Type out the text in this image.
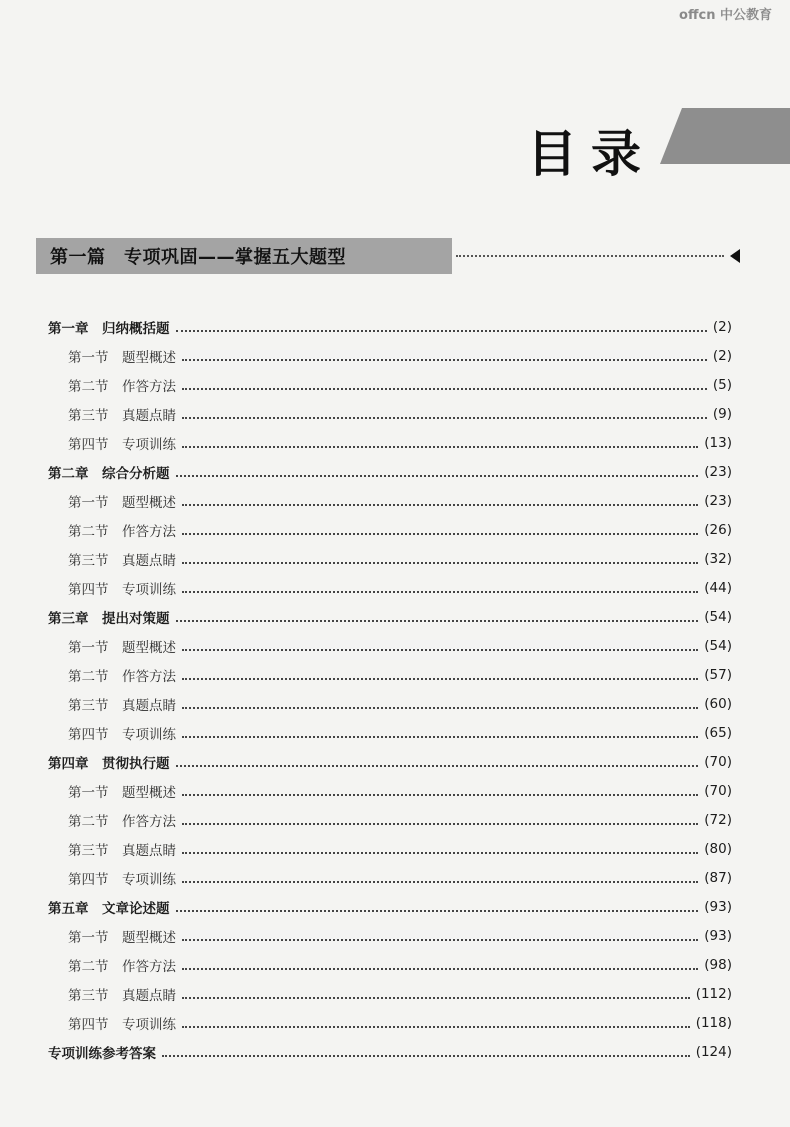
offcn 中公教育
目录
第一篇　专项巩固——掌握五大题型
第一章　归纳概括题	(2)
第一节　题型概述	(2)
第二节　作答方法	(5)
第三节　真题点睛	(9)
第四节　专项训练	(13)
第二章　综合分析题	(23)
第一节　题型概述	(23)
第二节　作答方法	(26)
第三节　真题点睛	(32)
第四节　专项训练	(44)
第三章　提出对策题	(54)
第一节　题型概述	(54)
第二节　作答方法	(57)
第三节　真题点睛	(60)
第四节　专项训练	(65)
第四章　贯彻执行题	(70)
第一节　题型概述	(70)
第二节　作答方法	(72)
第三节　真题点睛	(80)
第四节　专项训练	(87)
第五章　文章论述题	(93)
第一节　题型概述	(93)
第二节　作答方法	(98)
第三节　真题点睛	(112)
第四节　专项训练	(118)
专项训练参考答案	(124)
